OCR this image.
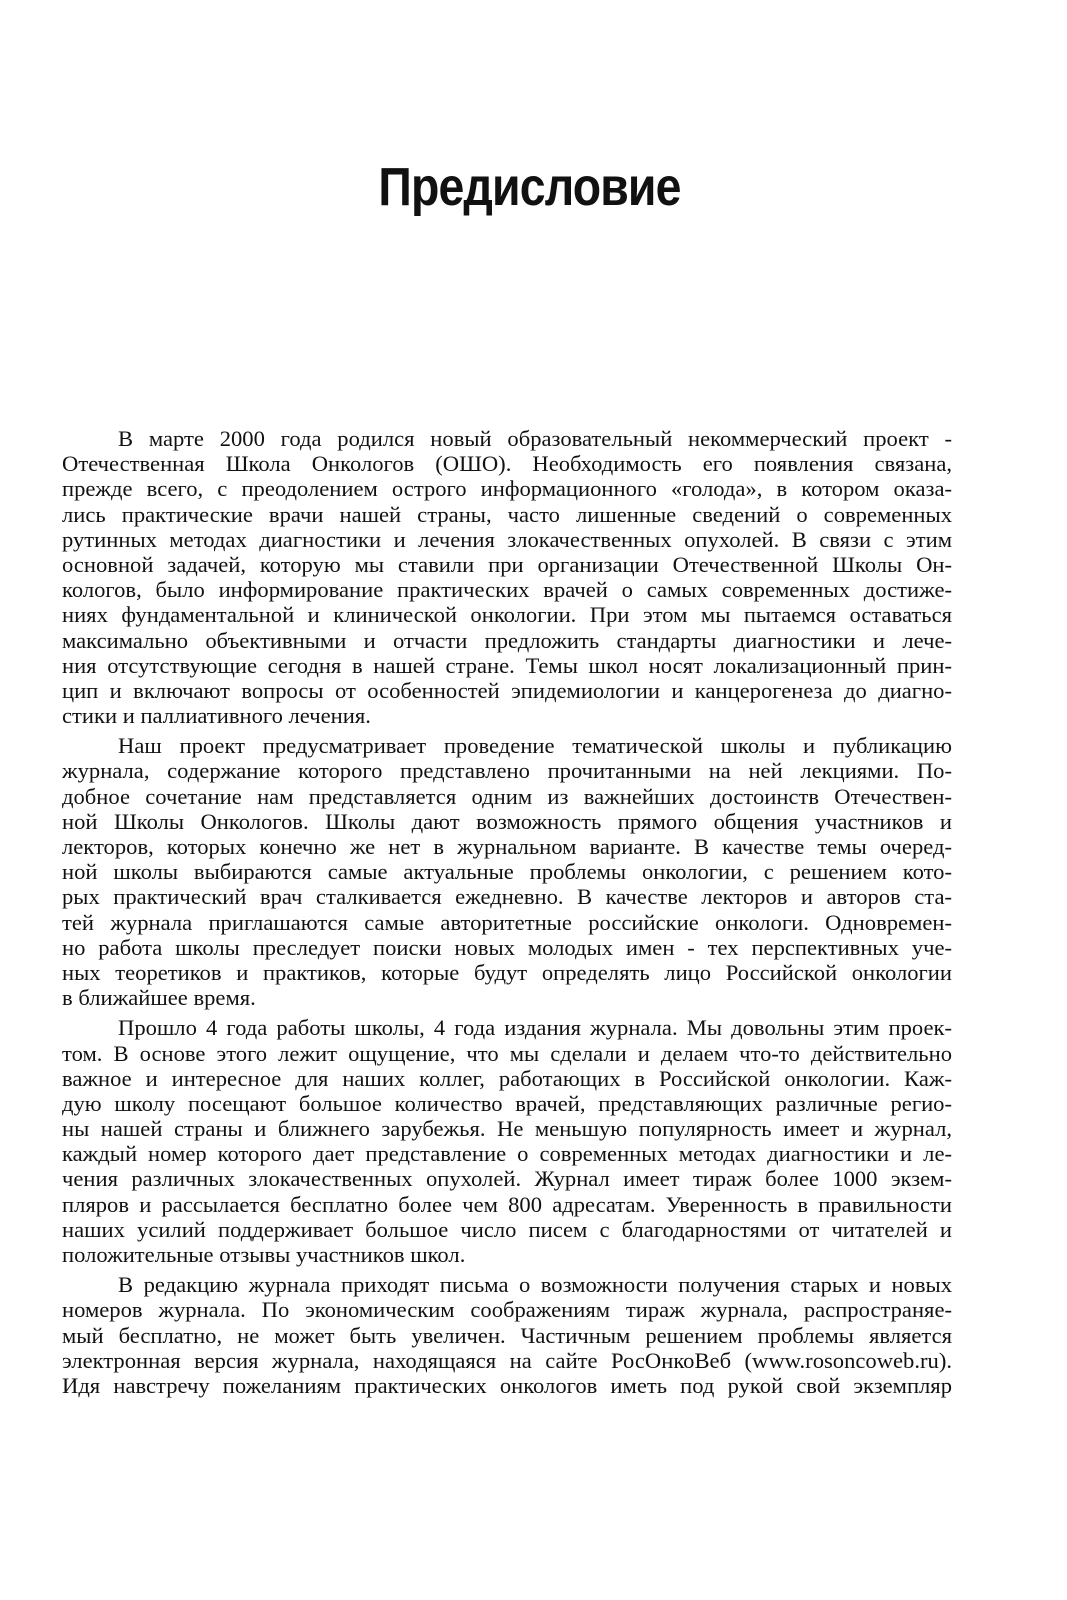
Предисловие
В марте 2000 года родился новый образовательный некоммерческий проект -
Отечественная Школа Онкологов (ОШО). Необходимость его появления связана,
прежде всего, с преодолением острого информационного «голода», в котором оказа-
лись практические врачи нашей страны, часто лишенные сведений о современных
рутинных методах диагностики и лечения злокачественных опухолей. В связи с этим
основной задачей, которую мы ставили при организации Отечественной Школы Он-
кологов, было информирование практических врачей о самых современных достиже-
ниях фундаментальной и клинической онкологии. При этом мы пытаемся оставаться
максимально объективными и отчасти предложить стандарты диагностики и лече-
ния отсутствующие сегодня в нашей стране. Темы школ носят локализационный прин-
цип и включают вопросы от особенностей эпидемиологии и канцерогенеза до диагно-
стики и паллиативного лечения.
Наш проект предусматривает проведение тематической школы и публикацию
журнала, содержание которого представлено прочитанными на ней лекциями. По-
добное сочетание нам представляется одним из важнейших достоинств Отечествен-
ной Школы Онкологов. Школы дают возможность прямого общения участников и
лекторов, которых конечно же нет в журнальном варианте. В качестве темы очеред-
ной школы выбираются самые актуальные проблемы онкологии, с решением кото-
рых практический врач сталкивается ежедневно. В качестве лекторов и авторов ста-
тей журнала приглашаются самые авторитетные российские онкологи. Одновремен-
но работа школы преследует поиски новых молодых имен - тех перспективных уче-
ных теоретиков и практиков, которые будут определять лицо Российской онкологии
в ближайшее время.
Прошло 4 года работы школы, 4 года издания журнала. Мы довольны этим проек-
том. В основе этого лежит ощущение, что мы сделали и делаем что-то действительно
важное и интересное для наших коллег, работающих в Российской онкологии. Каж-
дую школу посещают большое количество врачей, представляющих различные регио-
ны нашей страны и ближнего зарубежья. Не меньшую популярность имеет и журнал,
каждый номер которого дает представление о современных методах диагностики и ле-
чения различных злокачественных опухолей. Журнал имеет тираж более 1000 экзем-
пляров и рассылается бесплатно более чем 800 адресатам. Уверенность в правильности
наших усилий поддерживает большое число писем с благодарностями от читателей и
положительные отзывы участников школ.
В редакцию журнала приходят письма о возможности получения старых и новых
номеров журнала. По экономическим соображениям тираж журнала, распространяе-
мый бесплатно, не может быть увеличен. Частичным решением проблемы является
электронная версия журнала, находящаяся на сайте РосОнкоВеб (www.rosoncoweb.ru).
Идя навстречу пожеланиям практических онкологов иметь под рукой свой экземпляр
